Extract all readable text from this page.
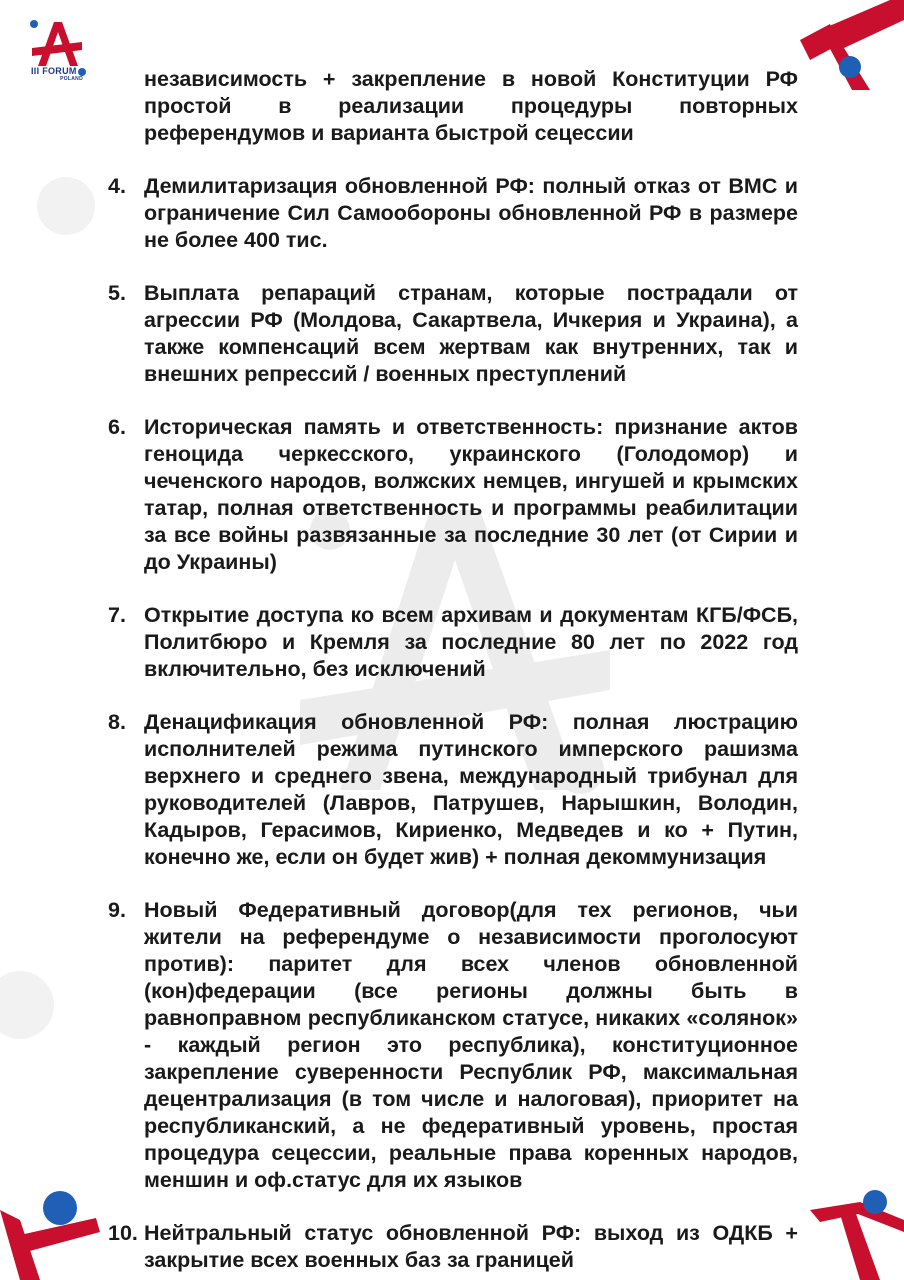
III FORUM
POLAND	независимость + закрепление в новой Конституции РФ простой в реализации процедуры повторных референдумов и варианта быстрой сецессии

4. Демилитаризация обновленной РФ: полный отказ от ВМС и ограничение Сил Самообороны обновленной РФ в размере не более 400 тис.
5. Выплата репараций странам, которые пострадали от агрессии РФ (Молдова, Сакартвела, Ичкерия и Украина), а также компенсаций всем жертвам как внутренних, так и внешних репрессий / военных преступлений
6. Историческая память и ответственность: признание актов геноцида черкесского, украинского (Голодомор) и чеченского народов, волжских немцев, ингушей и крымских татар, полная ответственность и программы реабилитации за все войны развязанные за последние 30 лет (от Сирии и до Украины)
7. Открытие доступа ко всем архивам и документам КГБ/ФСБ, Политбюро и Кремля за последние 80 лет по 2022 год включительно, без исключений
8. Денацификация обновленной РФ: полная люстрацию исполнителей режима путинского имперского рашизма верхнего и среднего звена, международный трибунал для руководителей (Лавров, Патрушев, Нарышкин, Володин, Кадыров, Герасимов, Кириенко, Медведев и ко + Путин, конечно же, если он будет жив) + полная декоммунизация
9. Новый Федеративный договор(для тех регионов, чьи жители на референдуме о независимости проголосуют против): паритет для всех членов обновленной (кон)федерации (все регионы должны быть в равноправном республиканском статусе, никаких «солянок» - каждый регион это республика), конституционное закрепление суверенности Республик РФ, максимальная децентрализация (в том числе и налоговая), приоритет на республиканский, а не федеративный уровень, простая процедура сецессии, реальные права коренных народов, меншин и оф.статус для их языков
10. Нейтральный статус обновленной РФ: выход из ОДКБ + закрытие всех военных баз за границей
